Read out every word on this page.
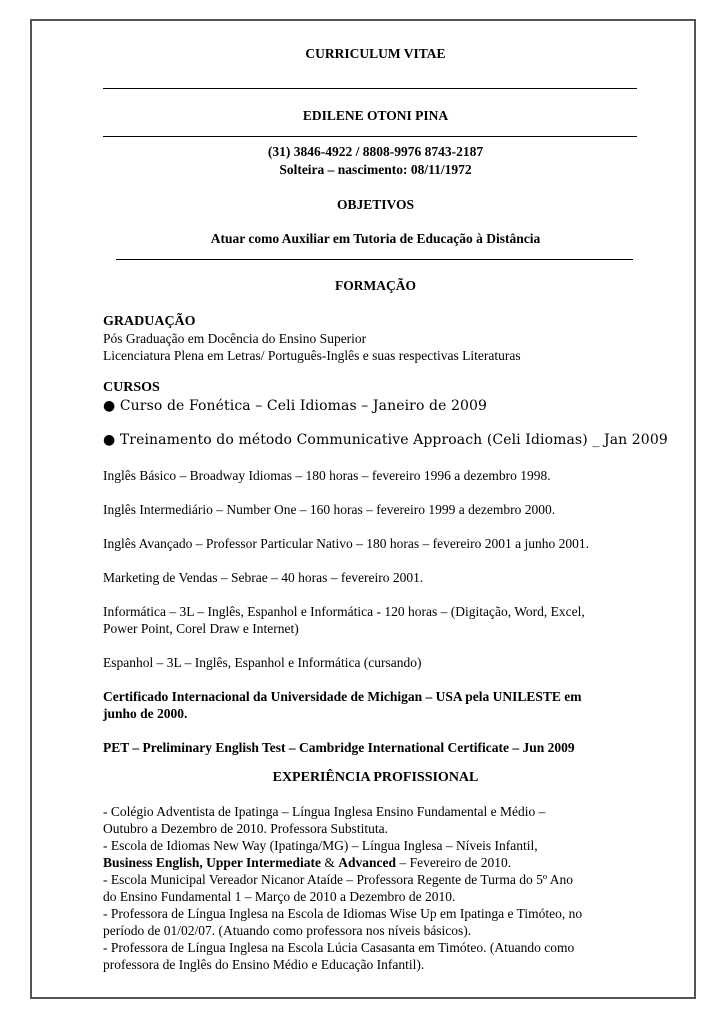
CURRICULUM VITAE
EDILENE OTONI PINA
(31) 3846-4922 / 8808-9976 8743-2187
Solteira – nascimento: 08/11/1972
OBJETIVOS
Atuar como Auxiliar em Tutoria de Educação à Distância
FORMAÇÃO
GRADUAÇÃO
Pós Graduação em Docência do Ensino Superior
Licenciatura Plena em Letras/ Português-Inglês e suas respectivas Literaturas
CURSOS
● Curso de Fonética – Celi Idiomas – Janeiro de 2009
● Treinamento do método Communicative Approach (Celi Idiomas) _ Jan 2009
Inglês Básico – Broadway Idiomas – 180 horas – fevereiro 1996 a dezembro 1998.
Inglês Intermediário – Number One – 160 horas – fevereiro 1999 a dezembro 2000.
Inglês Avançado – Professor Particular Nativo – 180 horas – fevereiro 2001 a junho 2001.
Marketing de Vendas – Sebrae – 40 horas – fevereiro 2001.
Informática – 3L – Inglês, Espanhol e Informática - 120 horas – (Digitação, Word, Excel,
Power Point, Corel Draw e Internet)
Espanhol – 3L – Inglês, Espanhol e Informática (cursando)
Certificado Internacional da Universidade de Michigan – USA pela UNILESTE em
junho de 2000.
PET – Preliminary English Test – Cambridge International Certificate – Jun 2009
EXPERIÊNCIA PROFISSIONAL
- Colégio Adventista de Ipatinga – Língua Inglesa Ensino Fundamental e Médio –
Outubro a Dezembro de 2010. Professora Substituta.
- Escola de Idiomas New Way (Ipatinga/MG) – Língua Inglesa – Níveis Infantil,
Business English, Upper Intermediate & Advanced – Fevereiro de 2010.
- Escola Municipal Vereador Nicanor Ataíde – Professora Regente de Turma do 5º Ano
do Ensino Fundamental 1 – Março de 2010 a Dezembro de 2010.
- Professora de Língua Inglesa na Escola de Idiomas Wise Up em Ipatinga e Timóteo, no
período de 01/02/07. (Atuando como professora nos níveis básicos).
- Professora de Língua Inglesa na Escola Lúcia Casasanta em Timóteo. (Atuando como
professora de Inglês do Ensino Médio e Educação Infantil).
